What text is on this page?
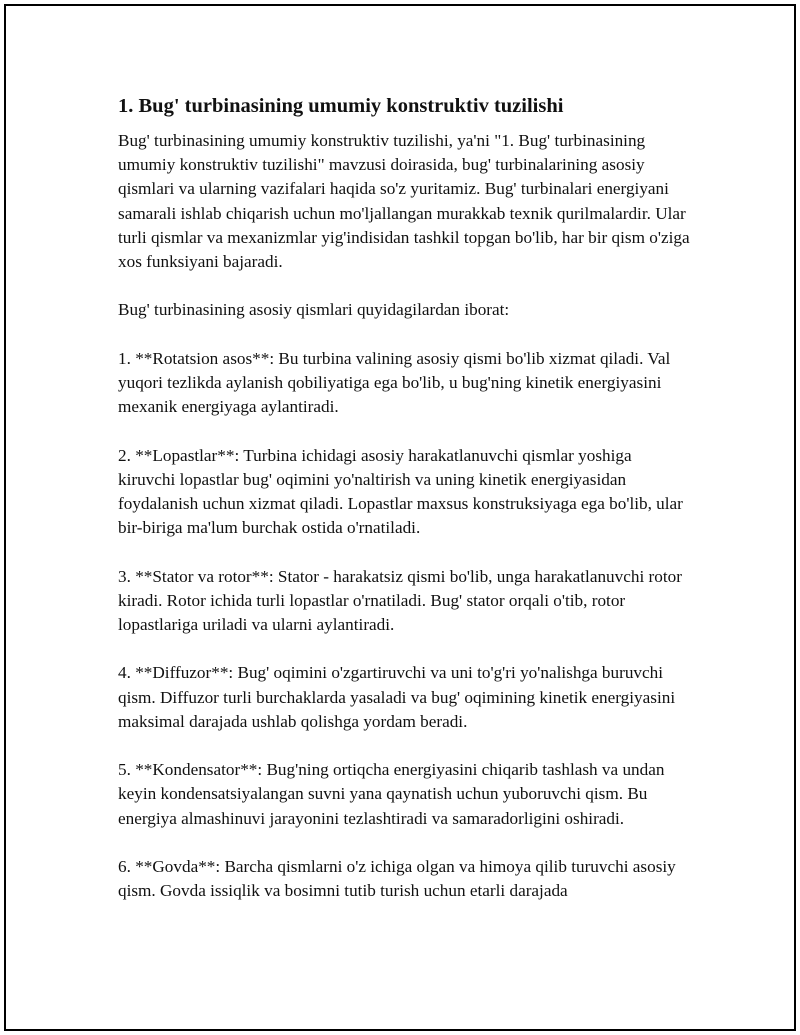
1. Bug' turbinasining umumiy konstruktiv tuzilishi

Bug' turbinasining umumiy konstruktiv tuzilishi, ya'ni "1. Bug' turbinasining umumiy konstruktiv tuzilishi" mavzusi doirasida, bug' turbinalarining asosiy qismlari va ularning vazifalari haqida so'z yuritamiz. Bug' turbinalari energiyani samarali ishlab chiqarish uchun mo'ljallangan murakkab texnik qurilmalardir. Ular turli qismlar va mexanizmlar yig'indisidan tashkil topgan bo'lib, har bir qism o'ziga xos funksiyani bajaradi.

Bug' turbinasining asosiy qismlari quyidagilardan iborat:

1. **Rotatsion asos**: Bu turbina valining asosiy qismi bo'lib xizmat qiladi. Val yuqori tezlikda aylanish qobiliyatiga ega bo'lib, u bug'ning kinetik energiyasini mexanik energiyaga aylantiradi.

2. **Lopastlar**: Turbina ichidagi asosiy harakatlanuvchi qismlar yoshiga kiruvchi lopastlar bug' oqimini yo'naltirish va uning kinetik energiyasidan foydalanish uchun xizmat qiladi. Lopastlar maxsus konstruksiyaga ega bo'lib, ular bir-biriga ma'lum burchak ostida o'rnatiladi.

3. **Stator va rotor**: Stator - harakatsiz qismi bo'lib, unga harakatlanuvchi rotor kiradi. Rotor ichida turli lopastlar o'rnatiladi. Bug' stator orqali o'tib, rotor lopastlariga uriladi va ularni aylantiradi.

4. **Diffuzor**: Bug' oqimini o'zgartiruvchi va uni to'g'ri yo'nalishga buruvchi qism. Diffuzor turli burchaklarda yasaladi va bug' oqimining kinetik energiyasini maksimal darajada ushlab qolishga yordam beradi.

5. **Kondensator**: Bug'ning ortiqcha energiyasini chiqarib tashlash va undan keyin kondensatsiyalangan suvni yana qaynatish uchun yuboruvchi qism. Bu energiya almashinuvi jarayonini tezlashtiradi va samaradorligini oshiradi.

6. **Govda**: Barcha qismlarni o'z ichiga olgan va himoya qilib turuvchi asosiy qism. Govda issiqlik va bosimni tutib turish uchun etarli darajada
